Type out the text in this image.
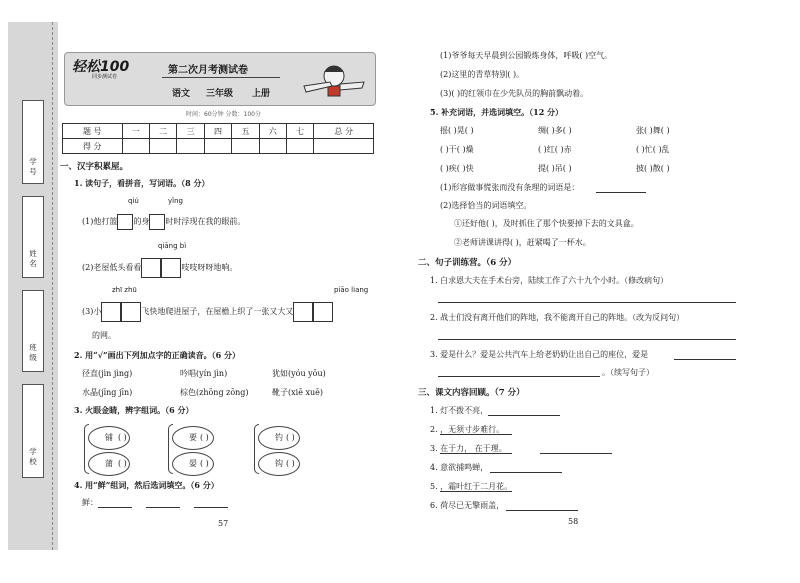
学号
姓名
班级
学校
轻松100
同步测试卷
第二次月考测试卷
语文 三年级 上册
时间：60分钟 分数：100分
题 号	一	二	三	四	五	六	七	总 分
得 分								
一、汉字积累屋。
1. 读句子，看拼音，写词语。（8 分）
qiú	yǐng
(1)他打篮 的身 时时浮现在我的眼前。
qiāng bì
(2)老屋低头看看	吱吱呀呀地响。
zhī zhū	piāo liang
(3)小	飞快地爬进屋子，在屋檐上织了一张又大又
的网。
2. 用“√”画出下列加点字的正确读音。（6 分）
径直(jìn jìng)	吟唱(yín jìn)	犹如(yóu yōu)
水晶(jīng jīn)	棕色(zhōng zōng)	靴子(xiē xuē)
3. 火眼金睛，辨字组词。（6 分）
铺 ( )
蒲 ( )
要 ( )
晏 ( )
钓 ( )
钩 ( )
4. 用“鲜”组词，然后选词填空。（6 分）
鲜：
57
(1)爷爷每天早晨到公园锻炼身体，呼吸( )空气。
(2)这里的青草特别( )。
(3)( )的红领巾在少先队员的胸前飘动着。
5. 补充词语，并选词填空。（12 分）
摇( )晃( )	绸( )多( )	张( )舞( )
( )干( )燥	( )红( )赤	( )忙( )乱
( )疾( )快	提( )吊( )	披( )散( )
(1)形容做事慌张而没有条理的词语是：
(2)选择恰当的词语填空。
①还好他( )，及时抓住了那个快要掉下去的文具盒。
②老师讲课讲得( )，赶紧喝了一杯水。
二、句子训练营。（6 分）
1. 白求恩大夫在手术台旁，陆续工作了六十九个小时。（修改病句）
2. 战士们没有离开他们的阵地，我不能离开自己的阵地。（改为反问句）
3. 爱是什么？爱是公共汽车上给老奶奶让出自己的座位，爱是
。（续写句子）
三、课文内容回顾。（7 分）
1. 灯不拨不亮，
2. ，无须寸步难行。
3. 在于力， 在于理。
4. 意欲捕鸣蝉，
5. ，霜叶红于二月花。
6. 荷尽已无擎雨盖，
58
